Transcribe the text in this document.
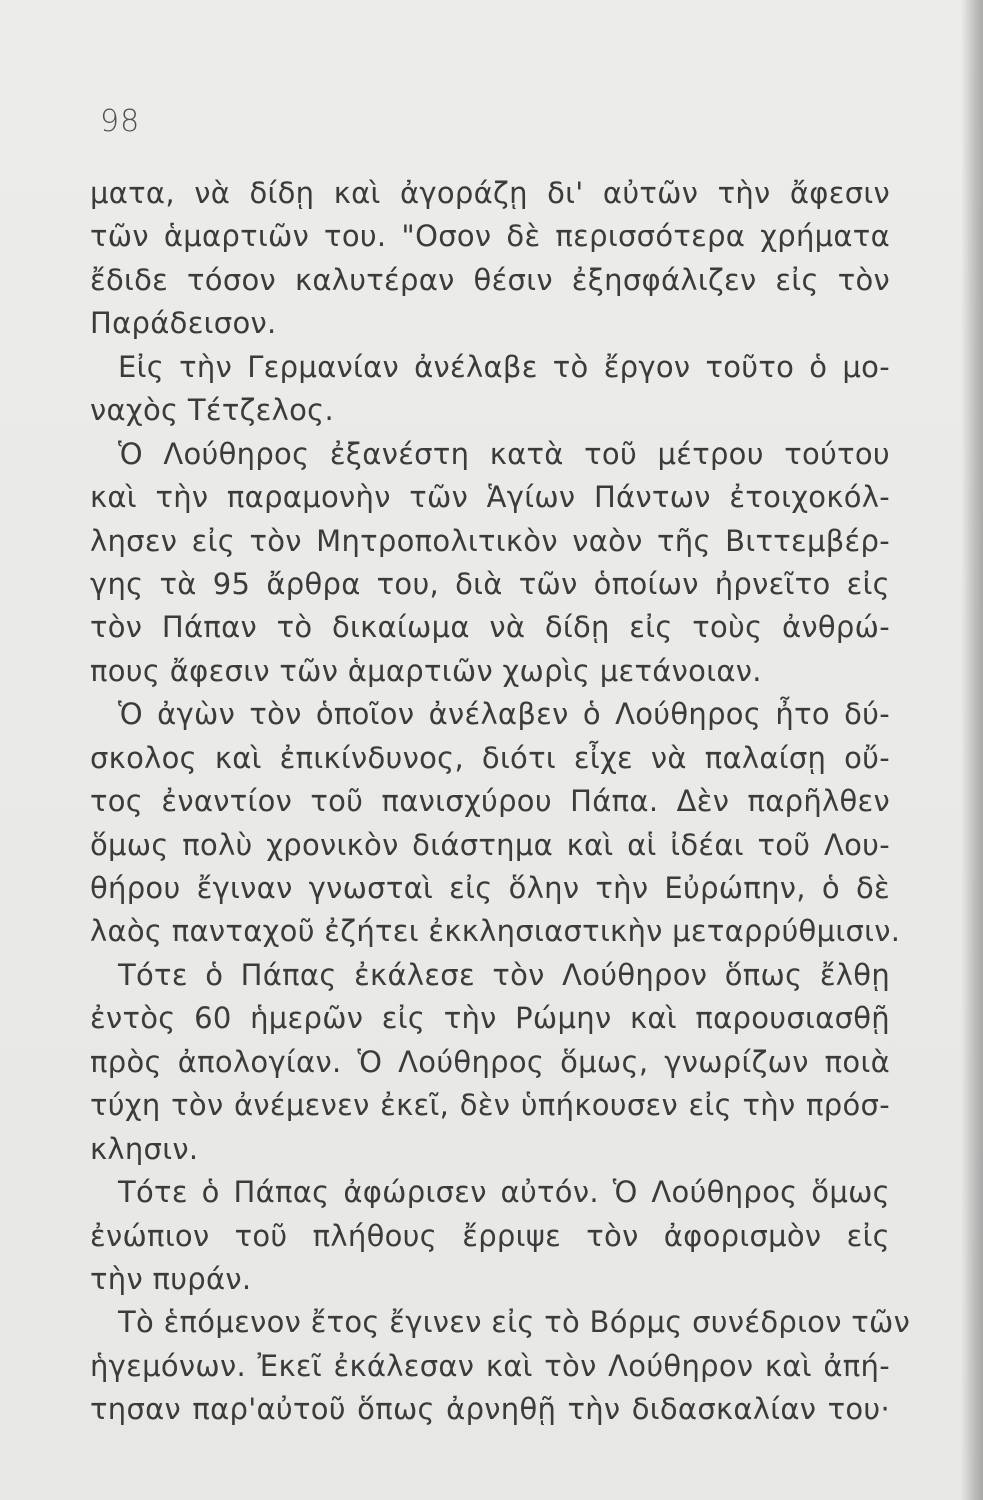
98
ματα, νὰ δίδῃ καὶ ἀγοράζῃ δι' αὐτῶν τὴν ἄφεσιν
τῶν ἁμαρτιῶν του. "Οσον δὲ περισσότερα χρήματα
ἔδιδε τόσον καλυτέραν θέσιν ἐξησφάλιζεν εἰς τὸν
Παράδεισον.
Εἰς τὴν Γερμανίαν ἀνέλαβε τὸ ἔργον τοῦτο ὁ μο-
ναχὸς Τέτζελος.
Ὁ Λούθηρος ἐξανέστη κατὰ τοῦ μέτρου τούτου
καὶ τὴν παραμονὴν τῶν Ἁγίων Πάντων ἐτοιχοκόλ-
λησεν εἰς τὸν Μητροπολιτικὸν ναὸν τῆς Βιττεμβέρ-
γης τὰ 95 ἄρθρα του, διὰ τῶν ὁποίων ἠρνεῖτο εἰς
τὸν Πάπαν τὸ δικαίωμα νὰ δίδῃ εἰς τοὺς ἀνθρώ-
πους ἄφεσιν τῶν ἁμαρτιῶν χωρὶς μετάνοιαν.
Ὁ ἀγὼν τὸν ὁποῖον ἀνέλαβεν ὁ Λούθηρος ἦτο δύ-
σκολος καὶ ἐπικίνδυνος, διότι εἶχε νὰ παλαίσῃ οὔ-
τος ἐναντίον τοῦ πανισχύρου Πάπα. Δὲν παρῆλθεν
ὅμως πολὺ χρονικὸν διάστημα καὶ αἱ ἰδέαι τοῦ Λου-
θήρου ἔγιναν γνωσταὶ εἰς ὅλην τὴν Εὐρώπην, ὁ δὲ
λαὸς πανταχοῦ ἐζήτει ἐκκλησιαστικὴν μεταρρύθμισιν.
Τότε ὁ Πάπας ἐκάλεσε τὸν Λούθηρον ὅπως ἔλθῃ
ἐντὸς 60 ἡμερῶν εἰς τὴν Ρώμην καὶ παρουσιασθῇ
πρὸς ἀπολογίαν. Ὁ Λούθηρος ὅμως, γνωρίζων ποιὰ
τύχη τὸν ἀνέμενεν ἐκεῖ, δὲν ὑπήκουσεν εἰς τὴν πρόσ-
κλησιν.
Τότε ὁ Πάπας ἀφώρισεν αὐτόν. Ὁ Λούθηρος ὅμως
ἐνώπιον τοῦ πλήθους ἔρριψε τὸν ἀφορισμὸν εἰς
τὴν πυράν.
Τὸ ἑπόμενον ἔτος ἔγινεν εἰς τὸ Βόρμς συνέδριον τῶν
ἡγεμόνων. Ἐκεῖ ἐκάλεσαν καὶ τὸν Λούθηρον καὶ ἀπή-
τησαν παρ'αὐτοῦ ὅπως ἀρνηθῇ τὴν διδασκαλίαν του·
